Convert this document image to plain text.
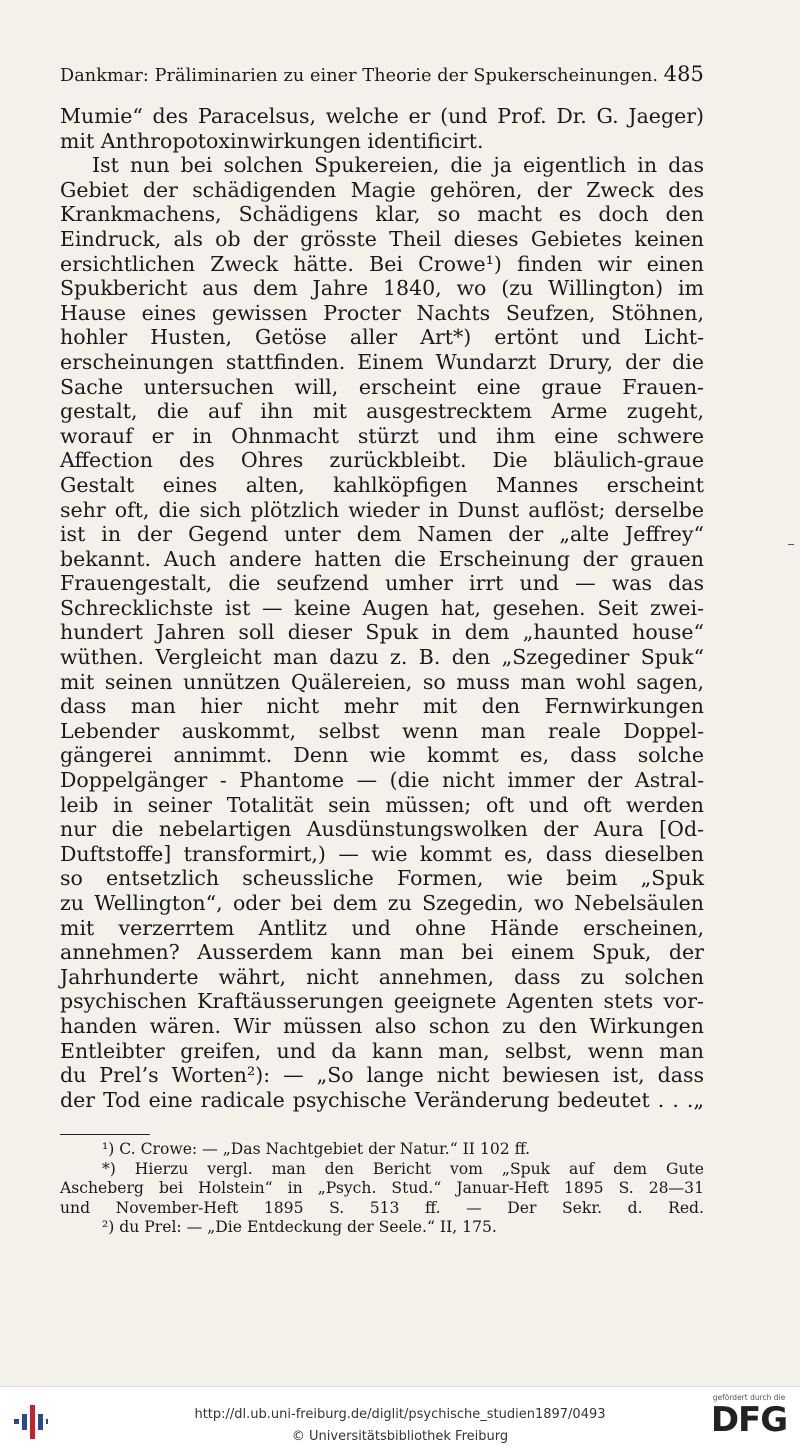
Dankmar: Präliminarien zu einer Theorie der Spukerscheinungen. 485
Mumie“ des Paracelsus, welche er (und Prof. Dr. G. Jaeger)
mit Anthropotoxinwirkungen identificirt.
Ist nun bei solchen Spukereien, die ja eigentlich in das
Gebiet der schädigenden Magie gehören, der Zweck des
Krankmachens, Schädigens klar, so macht es doch den
Eindruck, als ob der grösste Theil dieses Gebietes keinen
ersichtlichen Zweck hätte. Bei Crowe¹) finden wir einen
Spukbericht aus dem Jahre 1840, wo (zu Willington) im
Hause eines gewissen Procter Nachts Seufzen, Stöhnen,
hohler Husten, Getöse aller Art*) ertönt und Licht-
erscheinungen stattfinden. Einem Wundarzt Drury, der die
Sache untersuchen will, erscheint eine graue Frauen-
gestalt, die auf ihn mit ausgestrecktem Arme zugeht,
worauf er in Ohnmacht stürzt und ihm eine schwere
Affection des Ohres zurückbleibt. Die bläulich-graue
Gestalt eines alten, kahlköpfigen Mannes erscheint
sehr oft, die sich plötzlich wieder in Dunst auflöst; derselbe
ist in der Gegend unter dem Namen der „alte Jeffrey“
bekannt. Auch andere hatten die Erscheinung der grauen
Frauengestalt, die seufzend umher irrt und — was das
Schrecklichste ist — keine Augen hat, gesehen. Seit zwei-
hundert Jahren soll dieser Spuk in dem „haunted house“
wüthen. Vergleicht man dazu z. B. den „Szegediner Spuk“
mit seinen unnützen Quälereien, so muss man wohl sagen,
dass man hier nicht mehr mit den Fernwirkungen
Lebender auskommt, selbst wenn man reale Doppel-
gängerei annimmt. Denn wie kommt es, dass solche
Doppelgänger - Phantome — (die nicht immer der Astral-
leib in seiner Totalität sein müssen; oft und oft werden
nur die nebelartigen Ausdünstungswolken der Aura [Od-
Duftstoffe] transformirt,) — wie kommt es, dass dieselben
so entsetzlich scheussliche Formen, wie beim „Spuk
zu Wellington“, oder bei dem zu Szegedin, wo Nebelsäulen
mit verzerrtem Antlitz und ohne Hände erscheinen,
annehmen? Ausserdem kann man bei einem Spuk, der
Jahrhunderte währt, nicht annehmen, dass zu solchen
psychischen Kraftäusserungen geeignete Agenten stets vor-
handen wären. Wir müssen also schon zu den Wirkungen
Entleibter greifen, und da kann man, selbst, wenn man
du Prel’s Worten²): — „So lange nicht bewiesen ist, dass
der Tod eine radicale psychische Veränderung bedeutet . . .„
¹) C. Crowe: — „Das Nachtgebiet der Natur.“ II 102 ff.
*) Hierzu vergl. man den Bericht vom „Spuk auf dem Gute
Ascheberg bei Holstein“ in „Psych. Stud.“ Januar-Heft 1895 S. 28—31
und November-Heft 1895 S. 513 ff. — Der Sekr. d. Red.
²) du Prel: — „Die Entdeckung der Seele.“ II, 175.
http://dl.ub.uni-freiburg.de/diglit/psychische_studien1897/0493
© Universitätsbibliothek Freiburg
gefördert durch die
DFG
